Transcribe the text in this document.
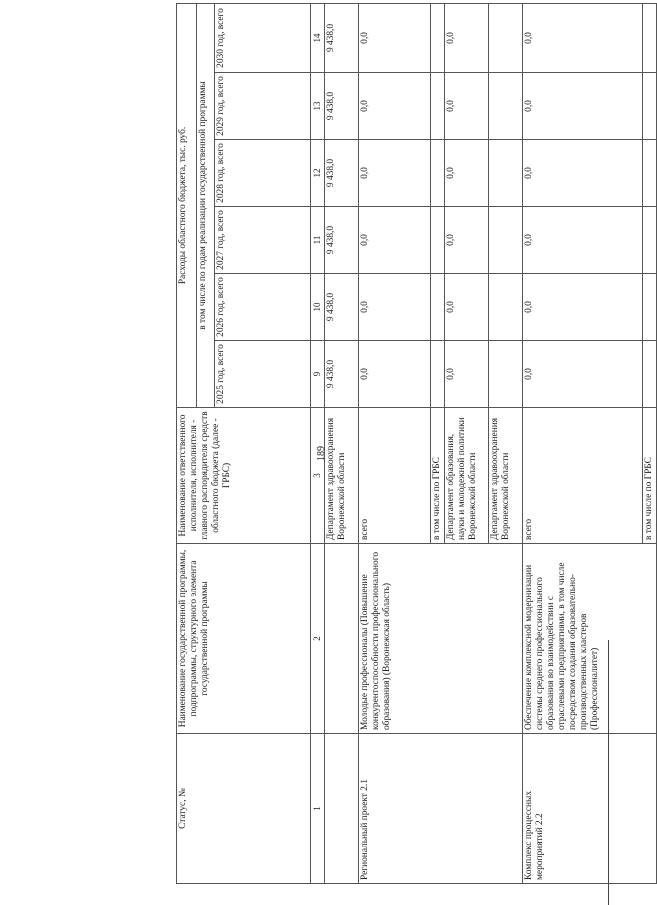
189
Статус, №	Наименование государственной программы, подпрограммы, структурного элемента государственной программы	Наименование ответственного исполнителя, исполнителя - главного распорядителя средств областного бюджета (далее - ГРБС)	Расходы областного бюджета, тыс. руб.					
			в том числе по годам реализации государственной программы					
			2025 год, всего	2026 год, всего	2027 год, всего	2028 год, всего	2029 год, всего	2030 год, всего
1	2	3	9	10	11	12	13	14
		Департамент здравоохранения Воронежской области	9 438,0	9 438,0	9 438,0	9 438,0	9 438,0	9 438,0
Региональный проект 2.1	Молодые профессионалы (Повышение конкурентоспособности профессионального образования) (Воронежская область)	всего	0,0	0,0	0,0	0,0	0,0	0,0
		в том числе по ГРБС						
		Департамент образования, науки и молодежной политики Воронежской области	0,0	0,0	0,0	0,0	0,0	0,0
		Департамент здравоохранения Воронежской области						
Комплекс процессных мероприятий 2.2	Обеспечение комплексной модернизации системы среднего профессионального образования во взаимодействии с отраслевыми предприятиями, в том числе посредством создания образовательно-производственных кластеров (Профессионалитет)	всего	0,0	0,0	0,0	0,0	0,0	0,0
		в том числе по ГРБС						
